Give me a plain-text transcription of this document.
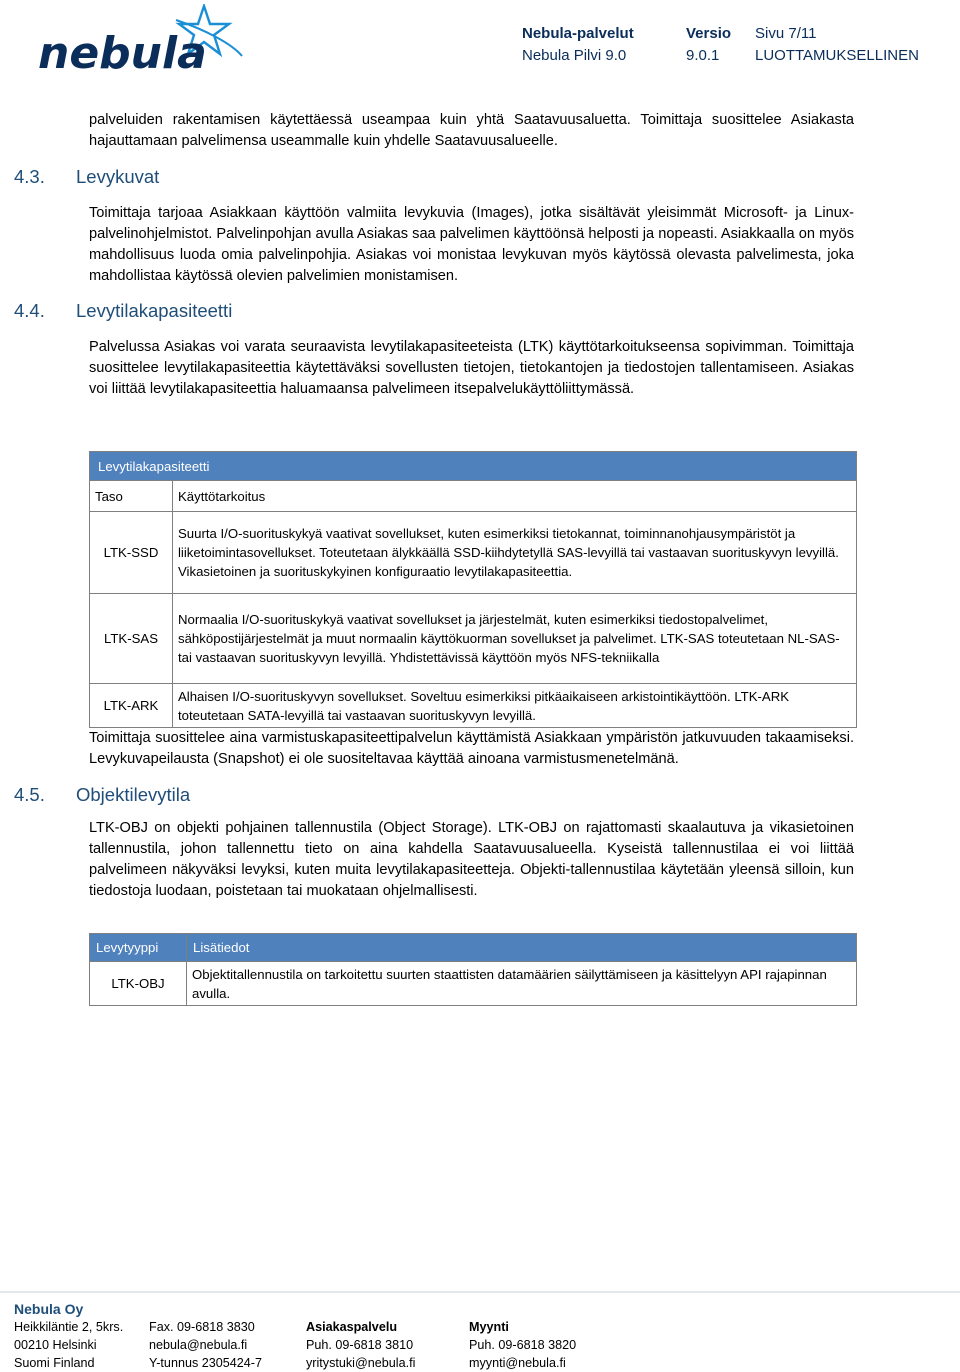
nebula	Nebula-palvelut
Nebula Pilvi 9.0
Versio
9.0.1
Sivu 7/11
LUOTTAMUKSELLINEN
palveluiden rakentamisen käytettäessä useampaa kuin yhtä Saatavuusaluetta. Toimittaja suosittelee Asiakasta hajauttamaan palvelimensa useammalle kuin yhdelle Saatavuusalueelle.
4.3. Levykuvat
Toimittaja tarjoaa Asiakkaan käyttöön valmiita levykuvia (Images), jotka sisältävät yleisimmät Microsoft- ja Linux-palvelinohjelmistot. Palvelinpohjan avulla Asiakas saa palvelimen käyttöönsä helposti ja nopeasti. Asiakkaalla on myös mahdollisuus luoda omia palvelinpohjia. Asiakas voi monistaa levykuvan myös käytössä olevasta palvelimesta, joka mahdollistaa käytössä olevien palvelimien monistamisen.
4.4. Levytilakapasiteetti
Palvelussa Asiakas voi varata seuraavista levytilakapasiteeteista (LTK) käyttötarkoitukseensa sopivimman. Toimittaja suosittelee levytilakapasiteettia käytettäväksi sovellusten tietojen, tietokantojen ja tiedostojen tallentamiseen. Asiakas voi liittää levytilakapasiteettia haluamaansa palvelimeen itsepalvelukäyttöliittymässä.
Levytilakapasiteetti	
Taso	Käyttötarkoitus
LTK-SSD	Suurta I/O-suorituskykyä vaativat sovellukset, kuten esimerkiksi tietokannat, toiminnanohjausympäristöt ja liiketoimintasovellukset. Toteutetaan älykkäällä SSD-kiihdytetyllä SAS-levyillä tai vastaavan suorituskyvyn levyillä. Vikasietoinen ja suorituskykyinen konfiguraatio levytilakapasiteettia.
LTK-SAS	Normaalia I/O-suorituskykyä vaativat sovellukset ja järjestelmät, kuten esimerkiksi tiedostopalvelimet, sähköpostijärjestelmät ja muut normaalin käyttökuorman sovellukset ja palvelimet. LTK-SAS toteutetaan NL-SAS- tai vastaavan suorituskyvyn levyillä. Yhdistettävissä käyttöön myös NFS-tekniikalla
LTK-ARK	Alhaisen I/O-suorituskyvyn sovellukset. Soveltuu esimerkiksi pitkäaikaiseen arkistointikäyttöön. LTK-ARK toteutetaan SATA-levyillä tai vastaavan suorituskyvyn levyillä.
Toimittaja suosittelee aina varmistuskapasiteettipalvelun käyttämistä Asiakkaan ympäristön jatkuvuuden takaamiseksi. Levykuvapeilausta (Snapshot) ei ole suositeltavaa käyttää ainoana varmistusmenetelmänä.
4.5. Objektilevytila
LTK-OBJ on objekti pohjainen tallennustila (Object Storage). LTK-OBJ on rajattomasti skaalautuva ja vikasietoinen tallennustila, johon tallennettu tieto on aina kahdella Saatavuusalueella. Kyseistä tallennustilaa ei voi liittää palvelimeen näkyväksi levyksi, kuten muita levytilakapasiteetteja. Objekti-tallennustilaa käytetään yleensä silloin, kun tiedostoja luodaan, poistetaan tai muokataan ohjelmallisesti.
Levytyyppi	Lisätiedot
LTK-OBJ	Objektitallennustila on tarkoitettu suurten staattisten datamäärien säilyttämiseen ja käsittelyyn API rajapinnan avulla.
Nebula Oy
Heikkiläntie 2, 5krs.
00210 Helsinki
Suomi Finland
Fax. 09-6818 3830
nebula@nebula.fi
Y-tunnus 2305424-7
Asiakaspalvelu
Puh. 09-6818 3810
yritystuki@nebula.fi
Myynti
Puh. 09-6818 3820
myynti@nebula.fi
